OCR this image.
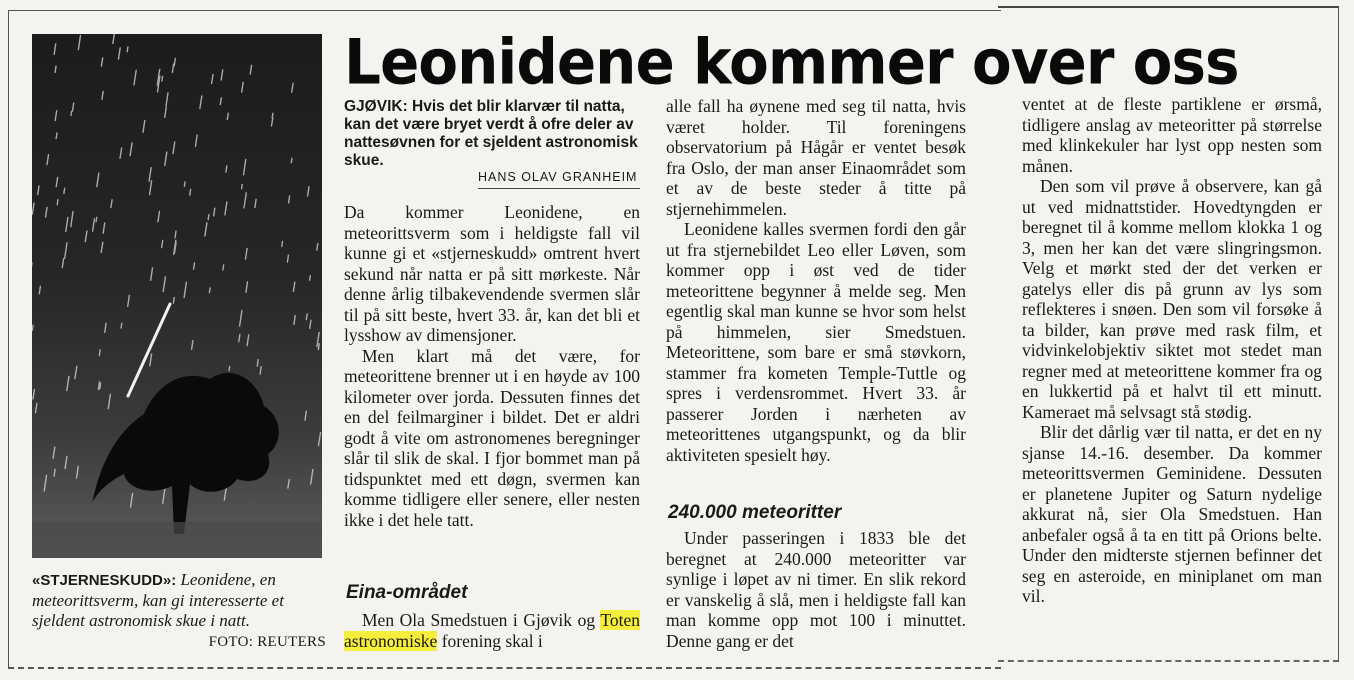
«STJERNESKUDD»: Leonidene, en meteorittsverm, kan gi interesserte et sjeldent astronomisk skue i natt.
FOTO: REUTERS
Leonidene kommer over oss
GJØVIK: Hvis det blir klarvær til natta, kan det være bryet verdt å ofre deler av nattesøvnen for et sjeldent astronomisk skue.
HANS OLAV GRANHEIM

Da kommer Leonidene, en meteorittsverm som i heldigste fall vil kunne gi et «stjerneskudd» omtrent hvert sekund når natta er på sitt mørkeste. Når denne årlig tilbakevendende svermen slår til på sitt beste, hvert 33. år, kan det bli et lysshow av dimensjoner.

Men klart må det være, for meteorittene brenner ut i en høyde av 100 kilometer over jorda. Dessuten finnes det en del feilmarginer i bildet. Det er aldri godt å vite om astronomenes beregninger slår til slik de skal. I fjor bommet man på tidspunktet med ett døgn, svermen kan komme tidligere eller senere, eller nesten ikke i det hele tatt.

Eina-området

Men Ola Smedstuen i Gjøvik og Toten astronomiske forening skal i

alle fall ha øynene med seg til natta, hvis været holder. Til foreningens observatorium på Hågår er ventet besøk fra Oslo, der man anser Einaområdet som et av de beste steder å titte på stjernehimmelen.

Leonidene kalles svermen fordi den går ut fra stjernebildet Leo eller Løven, som kommer opp i øst ved de tider meteorittene begynner å melde seg. Men egentlig skal man kunne se hvor som helst på himmelen, sier Smedstuen. Meteorittene, som bare er små støvkorn, stammer fra kometen Temple-Tuttle og spres i verdensrommet. Hvert 33. år passerer Jorden i nærheten av meteorittenes utgangspunkt, og da blir aktiviteten spesielt høy.

240.000 meteoritter

Under passeringen i 1833 ble det beregnet at 240.000 meteoritter var synlige i løpet av ni timer. En slik rekord er vanskelig å slå, men i heldigste fall kan man komme opp mot 100 i minuttet. Denne gang er det

ventet at de fleste partiklene er ørsmå, tidligere anslag av meteoritter på størrelse med klinkekuler har lyst opp nesten som månen.

Den som vil prøve å observere, kan gå ut ved midnattstider. Hovedtyngden er beregnet til å komme mellom klokka 1 og 3, men her kan det være slingringsmon. Velg et mørkt sted der det verken er gatelys eller dis på grunn av lys som reflekteres i snøen. Den som vil forsøke å ta bilder, kan prøve med rask film, et vidvinkelobjektiv siktet mot stedet man regner med at meteorittene kommer fra og en lukkertid på et halvt til ett minutt. Kameraet må selvsagt stå stødig.

Blir det dårlig vær til natta, er det en ny sjanse 14.-16. desember. Da kommer meteorittsvermen Geminidene. Dessuten er planetene Jupiter og Saturn nydelige akkurat nå, sier Ola Smedstuen. Han anbefaler også å ta en titt på Orions belte. Under den midterste stjernen befinner det seg en asteroide, en miniplanet om man vil.
